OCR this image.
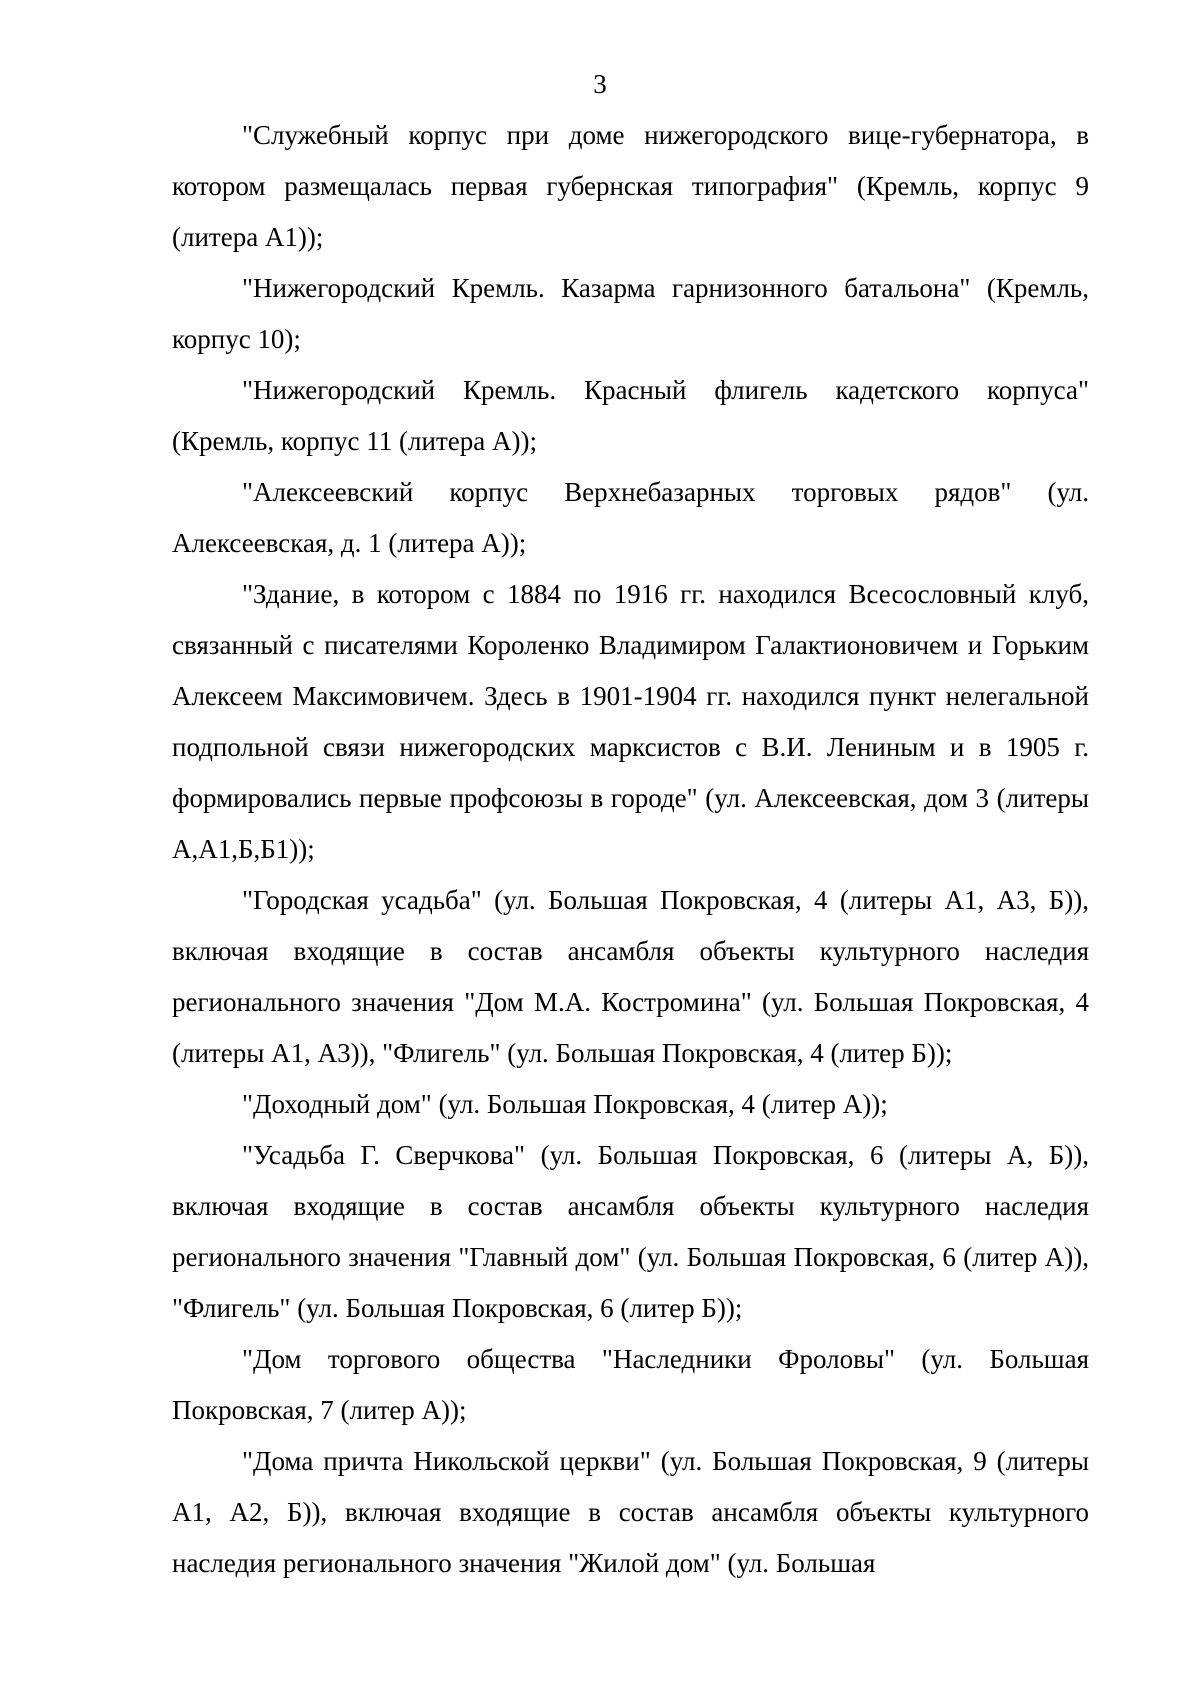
3

"Служебный корпус при доме нижегородского вице-губернатора, в котором размещалась первая губернская типография" (Кремль, корпус 9 (литера А1));

"Нижегородский Кремль. Казарма гарнизонного батальона" (Кремль, корпус 10);

"Нижегородский Кремль. Красный флигель кадетского корпуса" (Кремль, корпус 11 (литера А));

"Алексеевский корпус Верхнебазарных торговых рядов" (ул. Алексеевская, д. 1 (литера А));

"Здание, в котором с 1884 по 1916 гг. находился Всесословный клуб, связанный с писателями Короленко Владимиром Галактионовичем и Горьким Алексеем Максимовичем. Здесь в 1901-1904 гг. находился пункт нелегальной подпольной связи нижегородских марксистов с В.И. Лениным и в 1905 г. формировались первые профсоюзы в городе" (ул. Алексеевская, дом 3 (литеры А,А1,Б,Б1));

"Городская усадьба" (ул. Большая Покровская, 4 (литеры А1, А3, Б)), включая входящие в состав ансамбля объекты культурного наследия регионального значения "Дом М.А. Костромина" (ул. Большая Покровская, 4 (литеры А1, А3)), "Флигель" (ул. Большая Покровская, 4 (литер Б));

"Доходный дом" (ул. Большая Покровская, 4 (литер А));

"Усадьба Г. Сверчкова" (ул. Большая Покровская, 6 (литеры А, Б)), включая входящие в состав ансамбля объекты культурного наследия регионального значения "Главный дом" (ул. Большая Покровская, 6 (литер А)), "Флигель" (ул. Большая Покровская, 6 (литер Б));

"Дом торгового общества "Наследники Фроловы" (ул. Большая Покровская, 7 (литер А));

"Дома причта Никольской церкви" (ул. Большая Покровская, 9 (литеры А1, А2, Б)), включая входящие в состав ансамбля объекты культурного наследия регионального значения "Жилой дом" (ул. Большая
